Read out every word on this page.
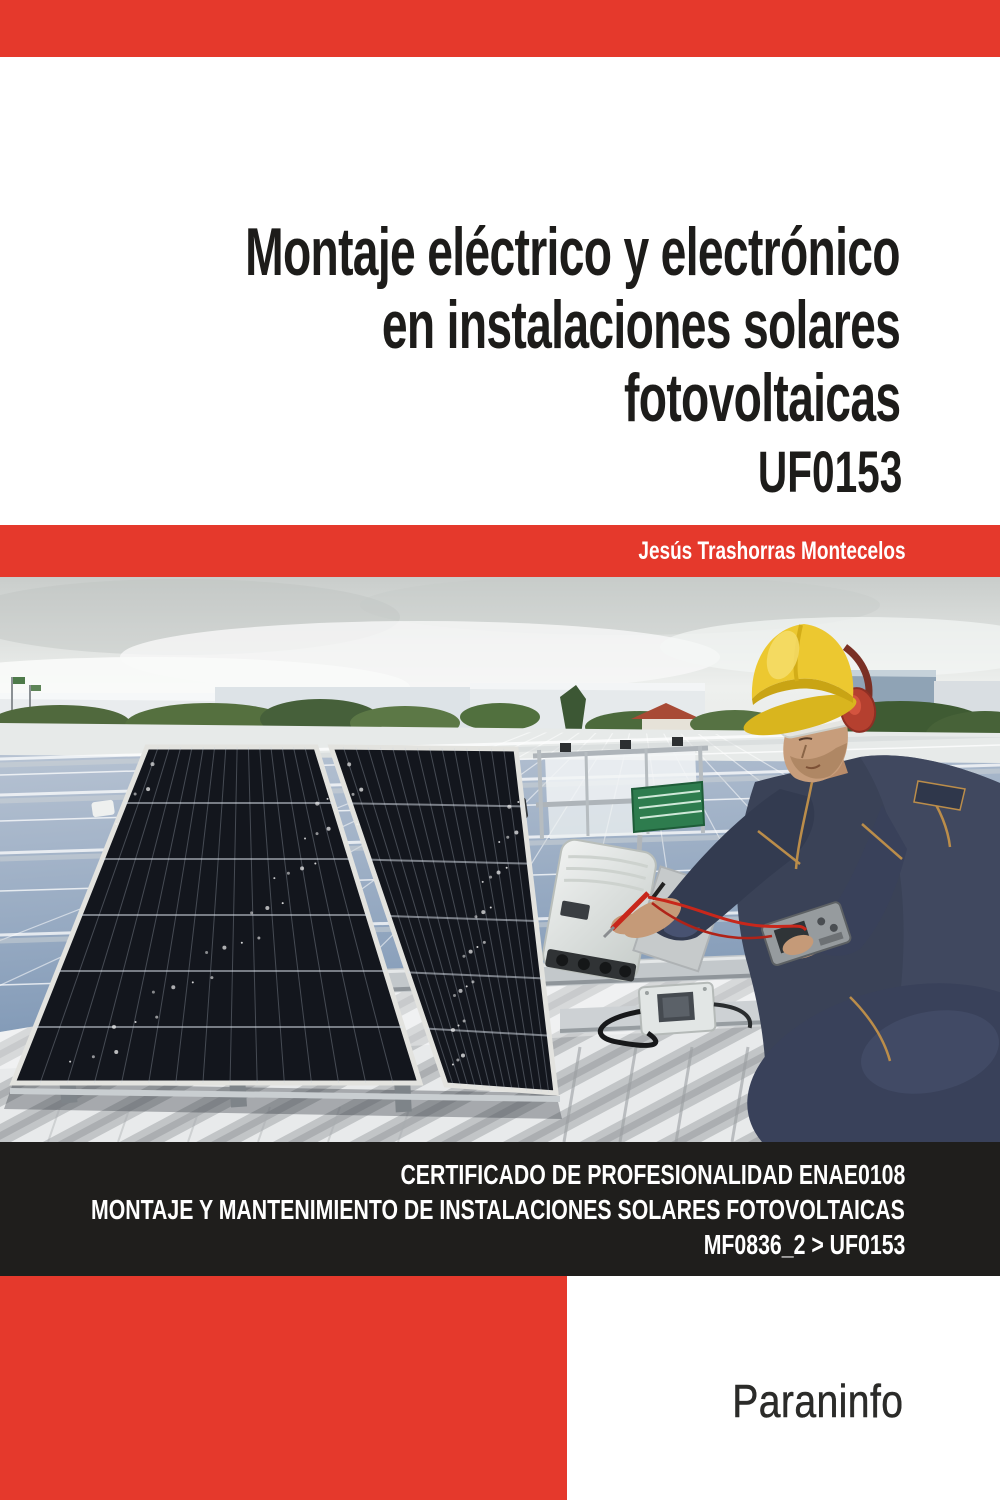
Montaje eléctrico y electrónico
en instalaciones solares
fotovoltaicas
UF0153
Jesús Trashorras Montecelos
CERTIFICADO DE PROFESIONALIDAD ENAE0108
MONTAJE Y MANTENIMIENTO DE INSTALACIONES SOLARES FOTOVOLTAICAS
MF0836_2 > UF0153
Paraninfo
